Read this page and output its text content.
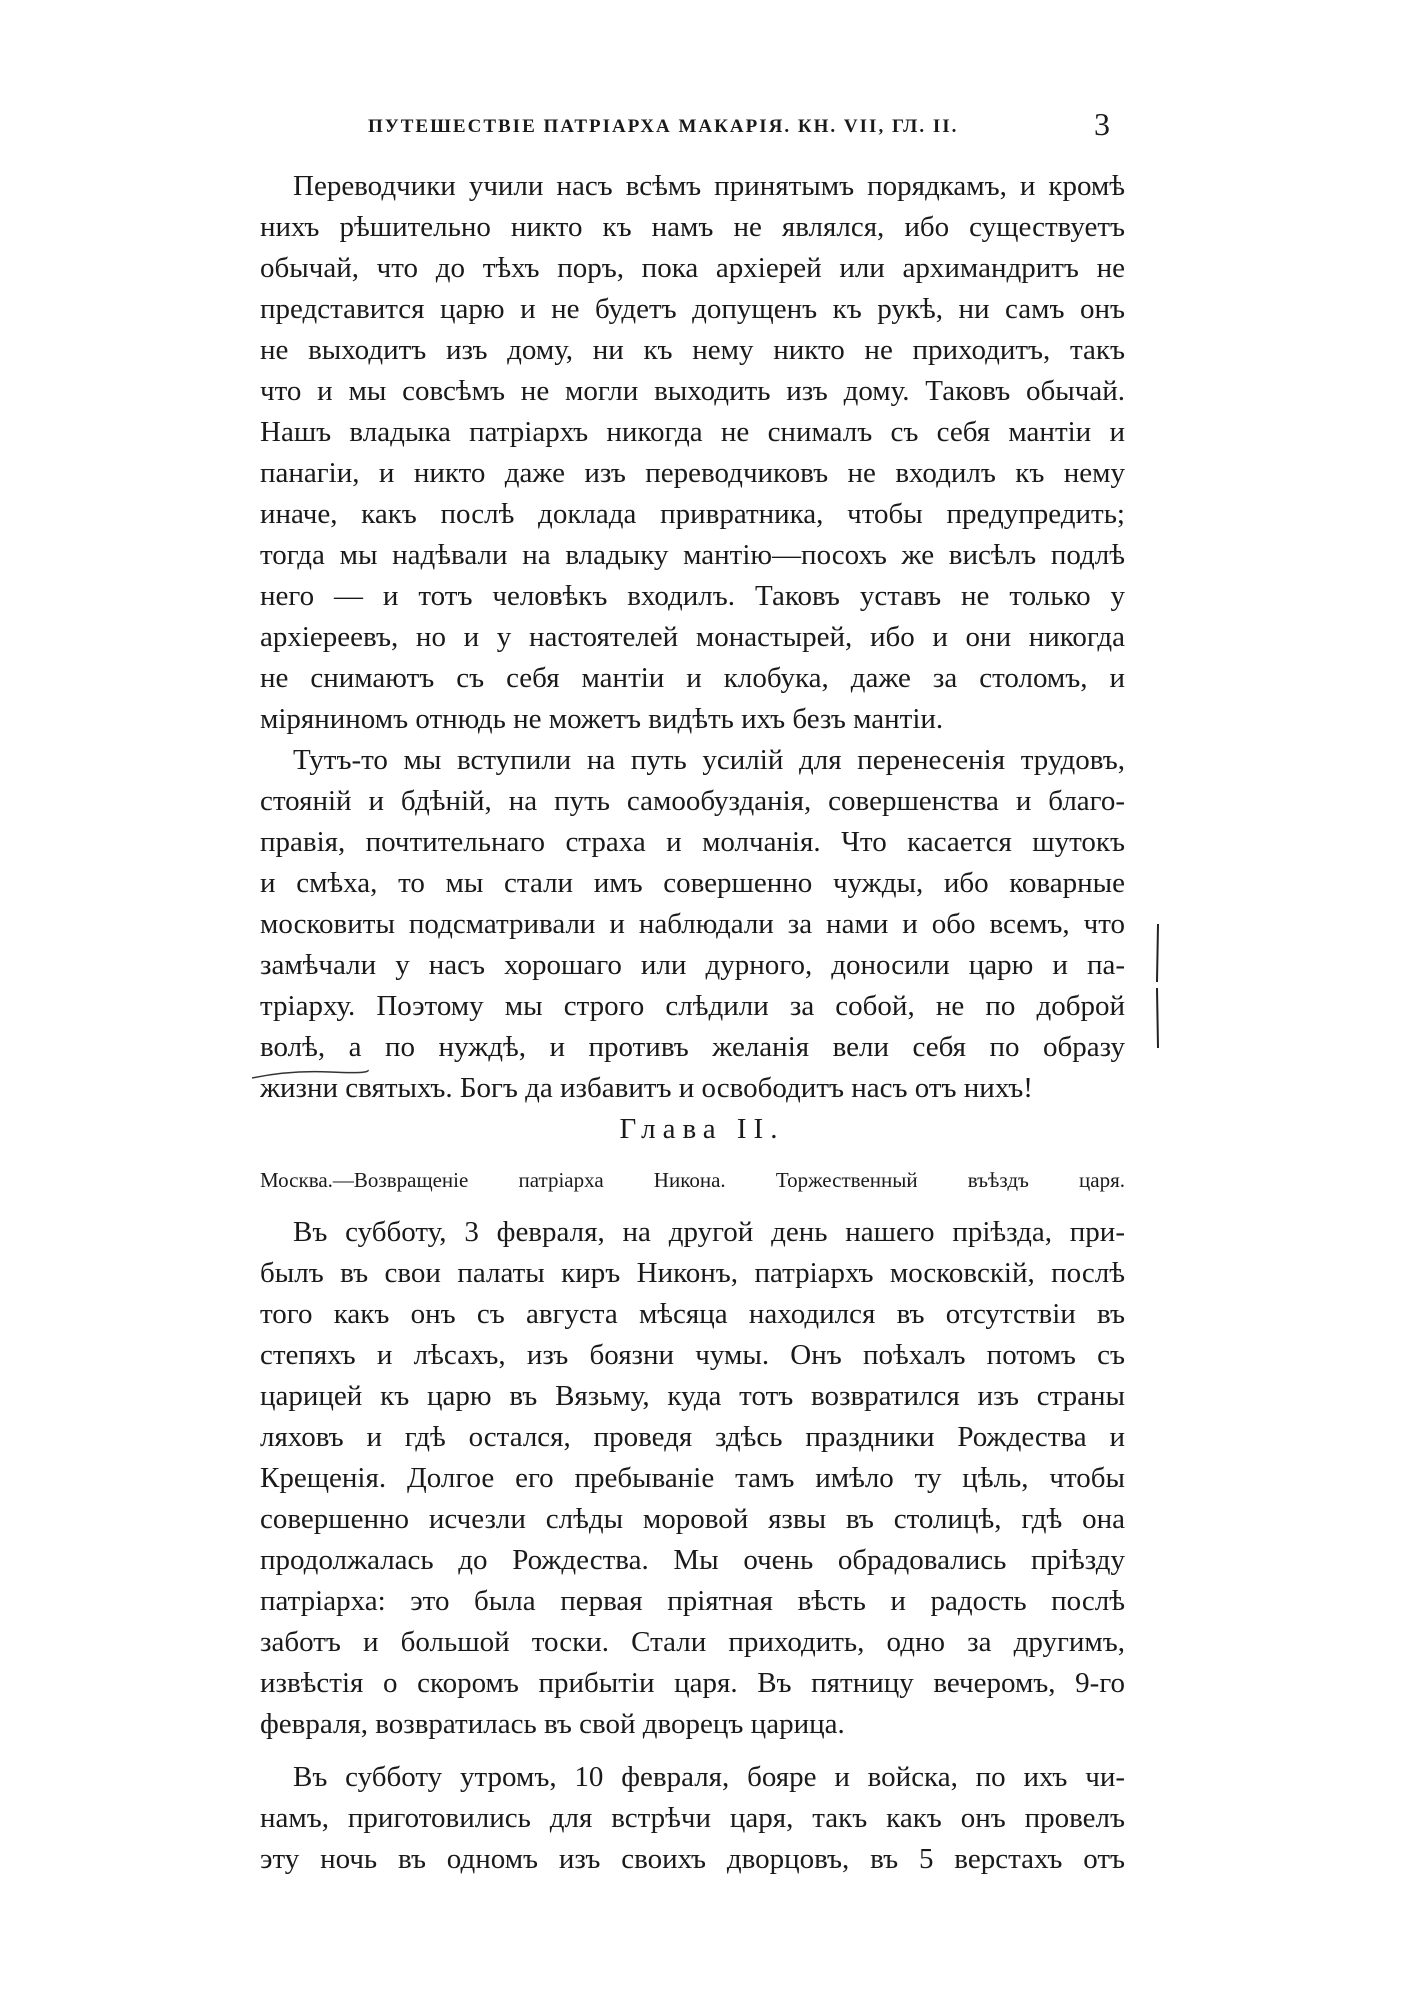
ПУТЕШЕСТВІЕ ПАТРІАРХА МАКАРІЯ. КН. VII, ГЛ. II.	3
Переводчики учили насъ всѣмъ принятымъ порядкамъ, и кромѣ
нихъ рѣшительно никто къ намъ не являлся, ибо существуетъ
обычай, что до тѣхъ поръ, пока архіерей или архимандритъ не
представится царю и не будетъ допущенъ къ рукѣ, ни самъ онъ
не выходитъ изъ дому, ни къ нему никто не приходитъ, такъ
что и мы совсѣмъ не могли выходить изъ дому. Таковъ обычай.
Нашъ владыка патріархъ никогда не снималъ съ себя мантіи и
панагіи, и никто даже изъ переводчиковъ не входилъ къ нему
иначе, какъ послѣ доклада привратника, чтобы предупредить;
тогда мы надѣвали на владыку мантію—посохъ же висѣлъ подлѣ
него — и тотъ человѣкъ входилъ. Таковъ уставъ не только у
архіереевъ, но и у настоятелей монастырей, ибо и они никогда
не снимаютъ съ себя мантіи и клобука, даже за столомъ, и
міряниномъ отнюдь не можетъ видѣть ихъ безъ мантіи.
Тутъ-то мы вступили на путь усилій для перенесенія трудовъ,
стояній и бдѣній, на путь самообузданія, совершенства и благо-
правія, почтительнаго страха и молчанія. Что касается шутокъ
и смѣха, то мы стали имъ совершенно чужды, ибо коварные
московиты подсматривали и наблюдали за нами и обо всемъ, что
замѣчали у насъ хорошаго или дурного, доносили царю и па-
тріарху. Поэтому мы строго слѣдили за собой, не по доброй
волѣ, а по нуждѣ, и противъ желанія вели себя по образу
жизни святыхъ. Богъ да избавитъ и освободитъ насъ отъ нихъ!
Глава II.
Москва.—Возвращеніе патріарха Никона. Торжественный въѣздъ царя.
Въ субботу, 3 февраля, на другой день нашего пріѣзда, при-
былъ въ свои палаты киръ Никонъ, патріархъ московскій, послѣ
того какъ онъ съ августа мѣсяца находился въ отсутствіи въ
степяхъ и лѣсахъ, изъ боязни чумы. Онъ поѣхалъ потомъ съ
царицей къ царю въ Вязьму, куда тотъ возвратился изъ страны
ляховъ и гдѣ остался, проведя здѣсь праздники Рождества и
Крещенія. Долгое его пребываніе тамъ имѣло ту цѣль, чтобы
совершенно исчезли слѣды моровой язвы въ столицѣ, гдѣ она
продолжалась до Рождества. Мы очень обрадовались пріѣзду
патріарха: это была первая пріятная вѣсть и радость послѣ
заботъ и большой тоски. Стали приходить, одно за другимъ,
извѣстія о скоромъ прибытіи царя. Въ пятницу вечеромъ, 9-го
февраля, возвратилась въ свой дворецъ царица.
Въ субботу утромъ, 10 февраля, бояре и войска, по ихъ чи-
намъ, приготовились для встрѣчи царя, такъ какъ онъ провелъ
эту ночь въ одномъ изъ своихъ дворцовъ, въ 5 верстахъ отъ
